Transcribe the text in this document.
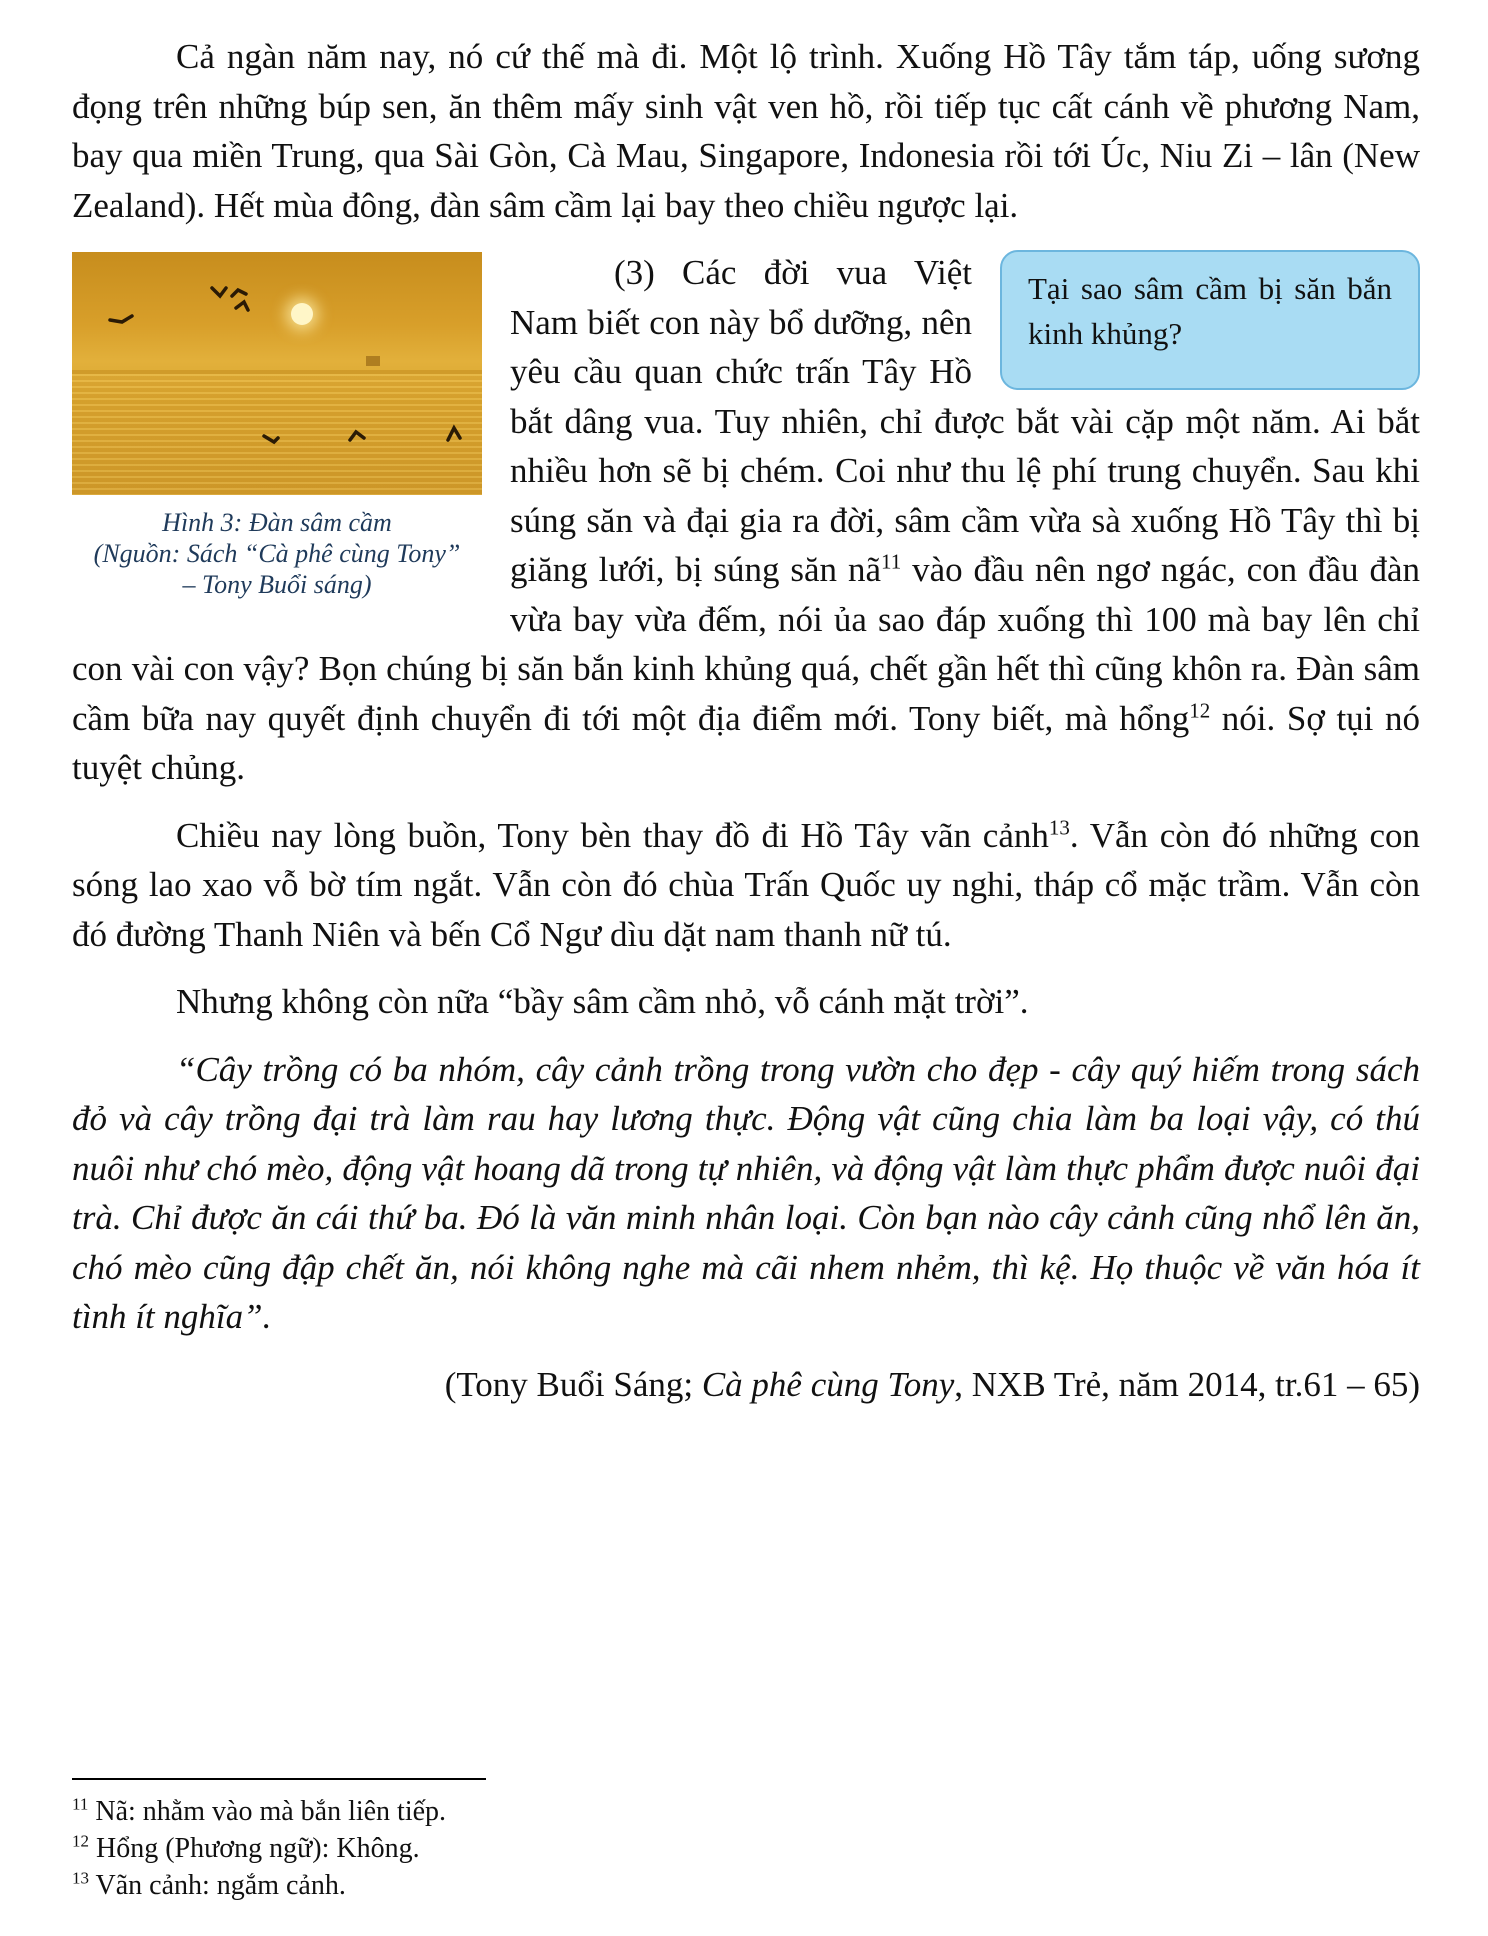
Cả ngàn năm nay, nó cứ thế mà đi. Một lộ trình. Xuống Hồ Tây tắm táp, uống sương đọng trên những búp sen, ăn thêm mấy sinh vật ven hồ, rồi tiếp tục cất cánh về phương Nam, bay qua miền Trung, qua Sài Gòn, Cà Mau, Singapore, Indonesia rồi tới Úc, Niu Zi – lân (New Zealand). Hết mùa đông, đàn sâm cầm lại bay theo chiều ngược lại.

Tại sao sâm cầm bị săn bắn kinh khủng?
Hình 3: Đàn sâm cầm
(Nguồn: Sách “Cà phê cùng Tony”
– Tony Buổi sáng)

(3) Các đời vua Việt Nam biết con này bổ dưỡng, nên yêu cầu quan chức trấn Tây Hồ bắt dâng vua. Tuy nhiên, chỉ được bắt vài cặp một năm. Ai bắt nhiều hơn sẽ bị chém. Coi như thu lệ phí trung chuyển. Sau khi súng săn và đại gia ra đời, sâm cầm vừa sà xuống Hồ Tây thì bị giăng lưới, bị súng săn $nã^{11}$ vào đầu nên ngơ ngác, con đầu đàn vừa bay vừa đếm, nói ủa sao đáp xuống thì 100 mà bay lên chỉ con vài con vậy? Bọn chúng bị săn bắn kinh khủng quá, chết gần hết thì cũng khôn ra. Đàn sâm cầm bữa nay quyết định chuyển đi tới một địa điểm mới. Tony biết, mà hổng$^{12}$ nói. Sợ tụi nó tuyệt chủng.

Chiều nay lòng buồn, Tony bèn thay đồ đi Hồ Tây vãn cảnh$^{13}$. Vẫn còn đó những con sóng lao xao vỗ bờ tím ngắt. Vẫn còn đó chùa Trấn Quốc uy nghi, tháp cổ mặc trầm. Vẫn còn đó đường Thanh Niên và bến Cổ Ngư dìu dặt nam thanh nữ tú.

Nhưng không còn nữa “bầy sâm cầm nhỏ, vỗ cánh mặt trời”.

“Cây trồng có ba nhóm, cây cảnh trồng trong vườn cho đẹp - cây quý hiếm trong sách đỏ và cây trồng đại trà làm rau hay lương thực. Động vật cũng chia làm ba loại vậy, có thú nuôi như chó mèo, động vật hoang dã trong tự nhiên, và động vật làm thực phẩm được nuôi đại trà. Chỉ được ăn cái thứ ba. Đó là văn minh nhân loại. Còn bạn nào cây cảnh cũng nhổ lên ăn, chó mèo cũng đập chết ăn, nói không nghe mà cãi nhem nhẻm, thì kệ. Họ thuộc về văn hóa ít tình ít nghĩa”.

(Tony Buổi Sáng; Cà phê cùng Tony, NXB Trẻ, năm 2014, tr.61 – 65)

$^{11}$ Nã: nhằm vào mà bắn liên tiếp.
$^{12}$ Hổng (Phương ngữ): Không.
$^{13}$ Vãn cảnh: ngắm cảnh.
